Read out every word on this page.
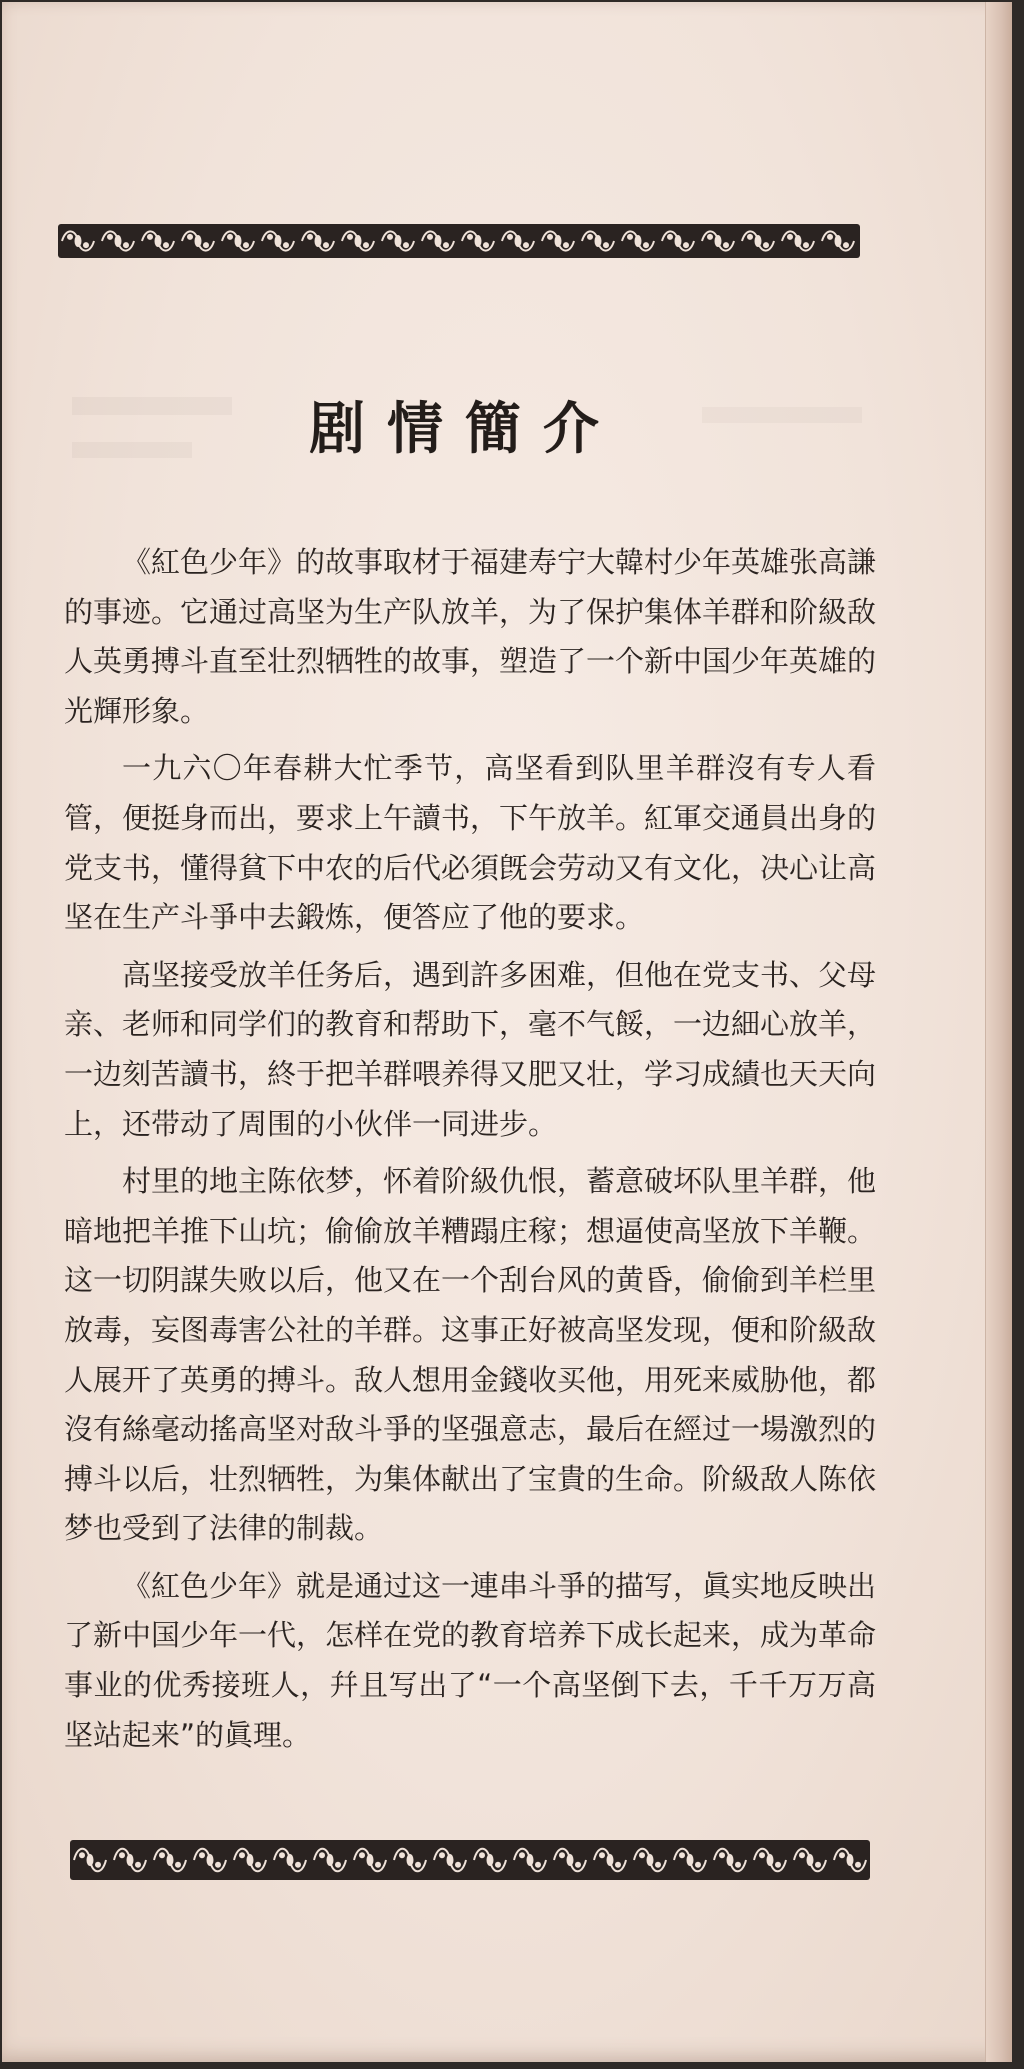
剧情簡介

《紅色少年》的故事取材于福建寿宁大韓村少年英雄张高謙的事迹。它通过高坚为生产队放羊，为了保护集体羊群和阶級敌人英勇搏斗直至壮烈牺牲的故事，塑造了一个新中国少年英雄的光輝形象。

一九六〇年春耕大忙季节，高坚看到队里羊群沒有专人看管，便挺身而出，要求上午讀书，下午放羊。紅軍交通員出身的党支书，懂得貧下中农的后代必須旣会劳动又有文化，决心让高坚在生产斗爭中去鍛炼，便答应了他的要求。

高坚接受放羊任务后，遇到許多困难，但他在党支书、父母亲、老师和同学们的教育和帮助下，毫不气餒，一边細心放羊，一边刻苦讀书，終于把羊群喂养得又肥又壮，学习成績也天天向上，还带动了周围的小伙伴一同进步。

村里的地主陈依梦，怀着阶級仇恨，蓄意破坏队里羊群，他暗地把羊推下山坑；偷偷放羊糟蹋庄稼；想逼使高坚放下羊鞭。这一切阴謀失败以后，他又在一个刮台风的黄昏，偷偷到羊栏里放毒，妄图毒害公社的羊群。这事正好被高坚发现，便和阶級敌人展开了英勇的搏斗。敌人想用金錢收买他，用死来威胁他，都沒有絲毫动搖高坚对敌斗爭的坚强意志，最后在經过一場激烈的搏斗以后，壮烈牺牲，为集体献出了宝貴的生命。阶級敌人陈依梦也受到了法律的制裁。

《紅色少年》就是通过这一連串斗爭的描写，眞实地反映出了新中国少年一代，怎样在党的教育培养下成长起来，成为革命事业的优秀接班人，幷且写出了“一个高坚倒下去，千千万万高坚站起来”的眞理。
